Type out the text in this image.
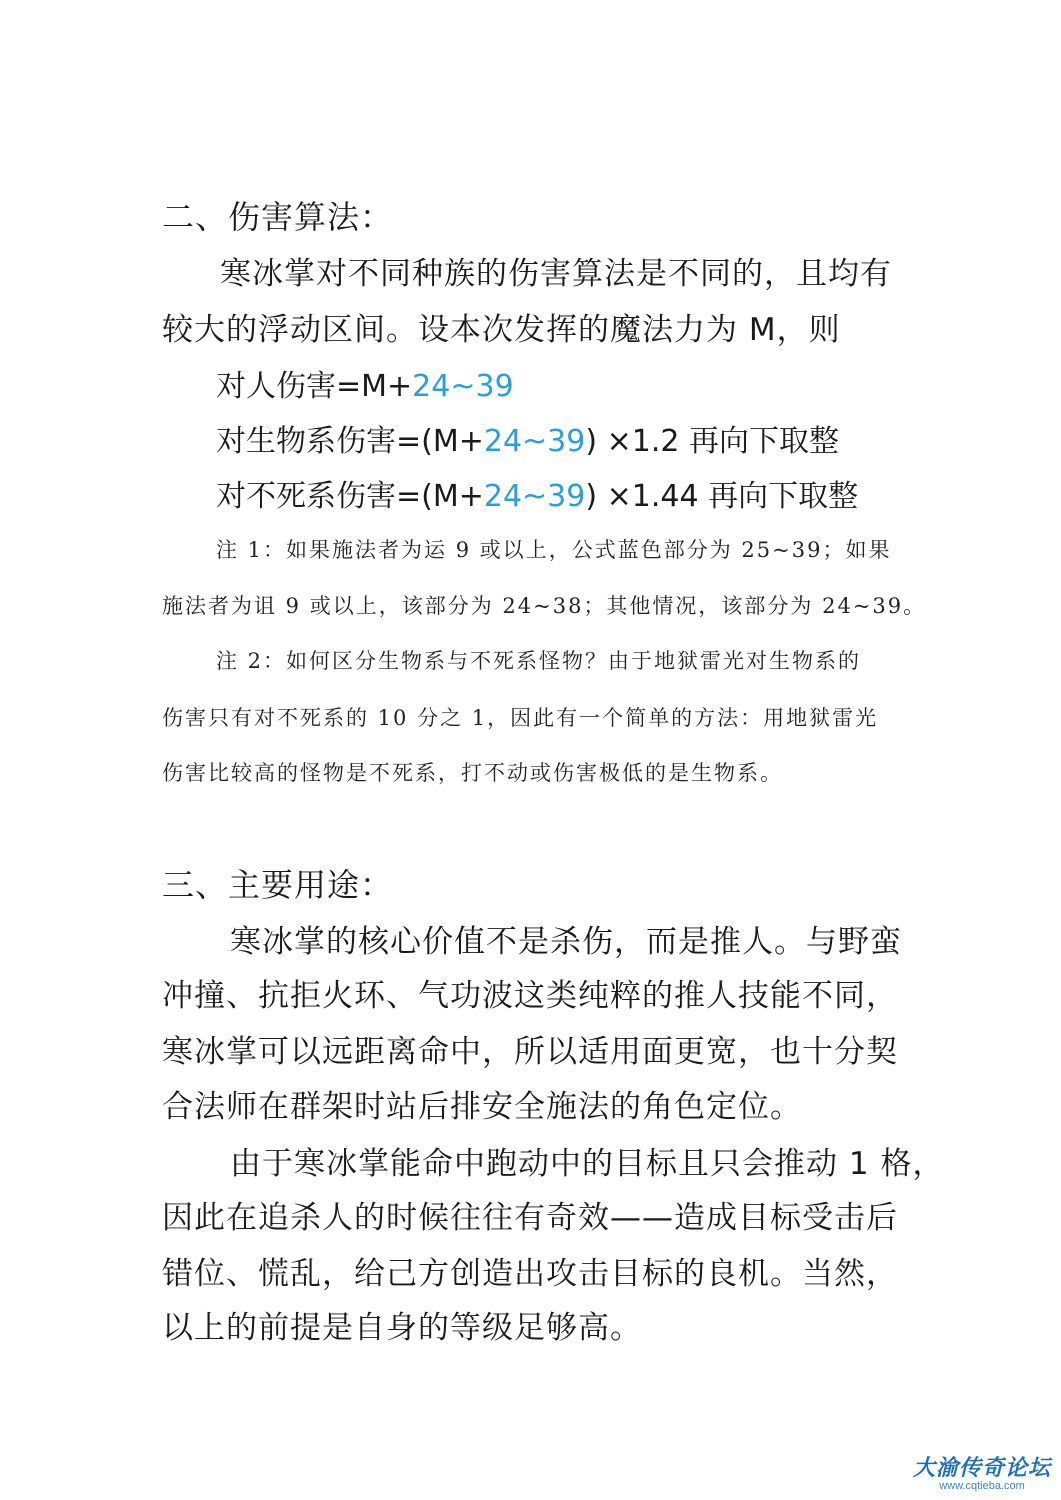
二、伤害算法：

寒冰掌对不同种族的伤害算法是不同的，且均有

较大的浮动区间。设本次发挥的魔法力为 M，则

对人伤害=M+24~39

对生物系伤害=(M+24~39) ×1.2 再向下取整

对不死系伤害=(M+24~39) ×1.44 再向下取整

注 1：如果施法者为运 9 或以上，公式蓝色部分为 25~39；如果

施法者为诅 9 或以上，该部分为 24~38；其他情况，该部分为 24~39。

注 2：如何区分生物系与不死系怪物？由于地狱雷光对生物系的

伤害只有对不死系的 10 分之 1，因此有一个简单的方法：用地狱雷光

伤害比较高的怪物是不死系，打不动或伤害极低的是生物系。

三、主要用途：

寒冰掌的核心价值不是杀伤，而是推人。与野蛮

冲撞、抗拒火环、气功波这类纯粹的推人技能不同，

寒冰掌可以远距离命中，所以适用面更宽，也十分契

合法师在群架时站后排安全施法的角色定位。

由于寒冰掌能命中跑动中的目标且只会推动 1 格，

因此在追杀人的时候往往有奇效——造成目标受击后

错位、慌乱，给己方创造出攻击目标的良机。当然，

以上的前提是自身的等级足够高。

大渝传奇论坛
www.cqtieba.com
